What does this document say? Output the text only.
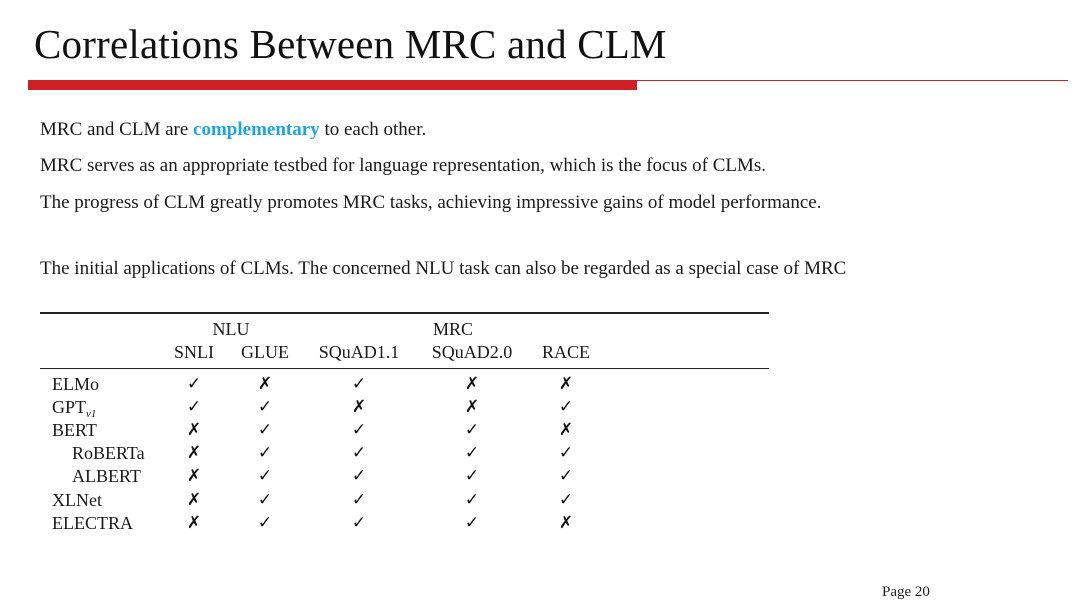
Correlations Between MRC and CLM
MRC and CLM are complementary to each other.
MRC serves as an appropriate testbed for language representation, which is the focus of CLMs.
The progress of CLM greatly promotes MRC tasks, achieving impressive gains of model performance.
The initial applications of CLMs. The concerned NLU task can also be regarded as a special case of MRC
NLU	MRC
SNLI GLUE SQuAD1.1 SQuAD2.0 RACE
ELMo	✓	✗	✓	✗	✗
$GPT_{v1}$	✓	✓	✗	✗	✓
BERT	✗	✓	✓	✓	✗
RoBERTa ✗	✓	✓	✓	✓
ALBERT	✗	✓	✓	✓	✓
XLNet	✗	✓	✓	✓	✓
ELECTRA	✗	✓	✓	✓	✗
Page 20
